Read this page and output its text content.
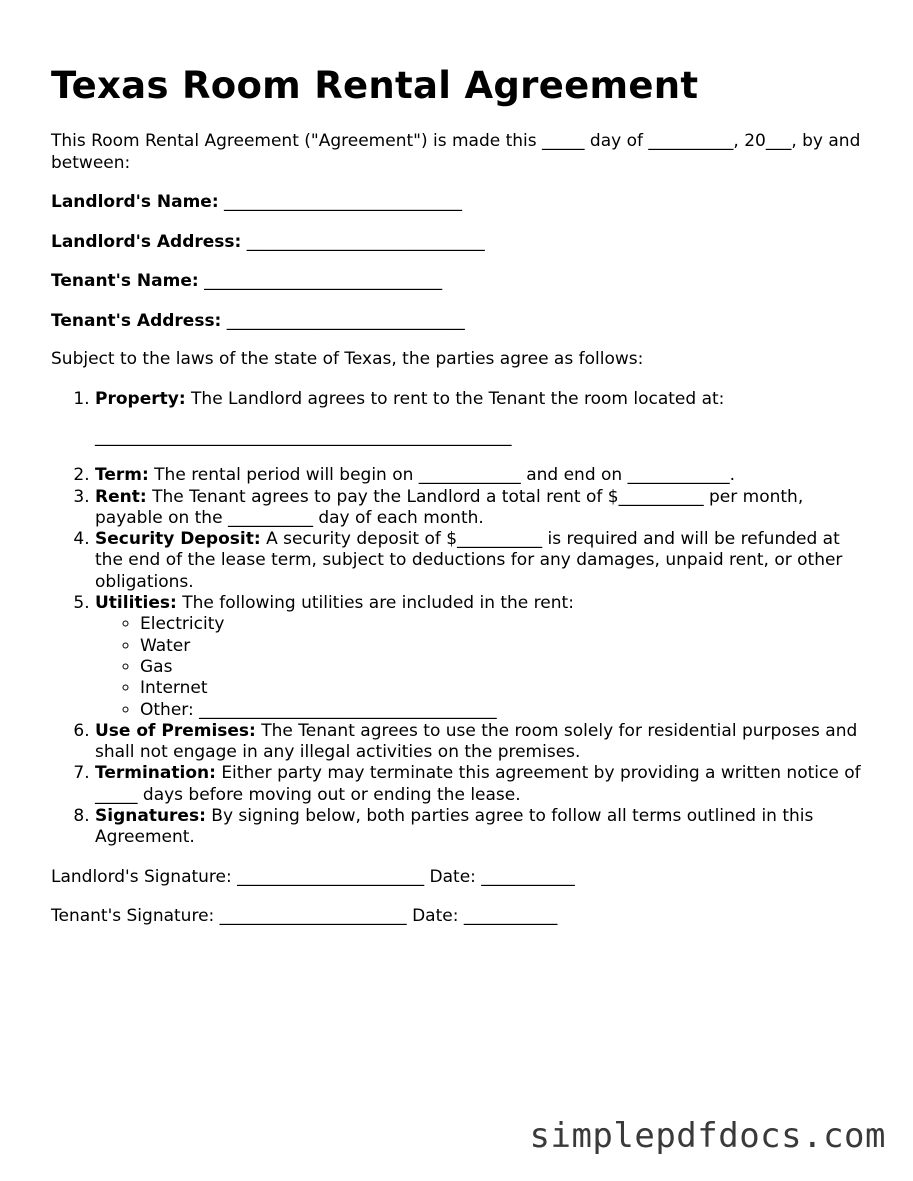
Texas Room Rental Agreement

This Room Rental Agreement ("Agreement") is made this _____ day of __________, 20___, by and between:

Landlord's Name: ____________________________

Landlord's Address: ____________________________

Tenant's Name: ____________________________

Tenant's Address: ____________________________

Subject to the laws of the state of Texas, the parties agree as follows:

1. Property: The Landlord agrees to rent to the Tenant the room located at:

_________________________________________________

2. Term: The rental period will begin on ____________ and end on ____________.
3. Rent: The Tenant agrees to pay the Landlord a total rent of $__________ per month, payable on the __________ day of each month.
4. Security Deposit: A security deposit of $__________ is required and will be refunded at the end of the lease term, subject to deductions for any damages, unpaid rent, or other obligations.
5. Utilities: The following utilities are included in the rent:
◦ Electricity
◦ Water
◦ Gas
◦ Internet
◦ Other: ___________________________________
6. Use of Premises: The Tenant agrees to use the room solely for residential purposes and shall not engage in any illegal activities on the premises.
7. Termination: Either party may terminate this agreement by providing a written notice of _____ days before moving out or ending the lease.
8. Signatures: By signing below, both parties agree to follow all terms outlined in this Agreement.

Landlord's Signature: ______________________ Date: ___________

Tenant's Signature: ______________________ Date: ___________

simplepdfdocs.com
